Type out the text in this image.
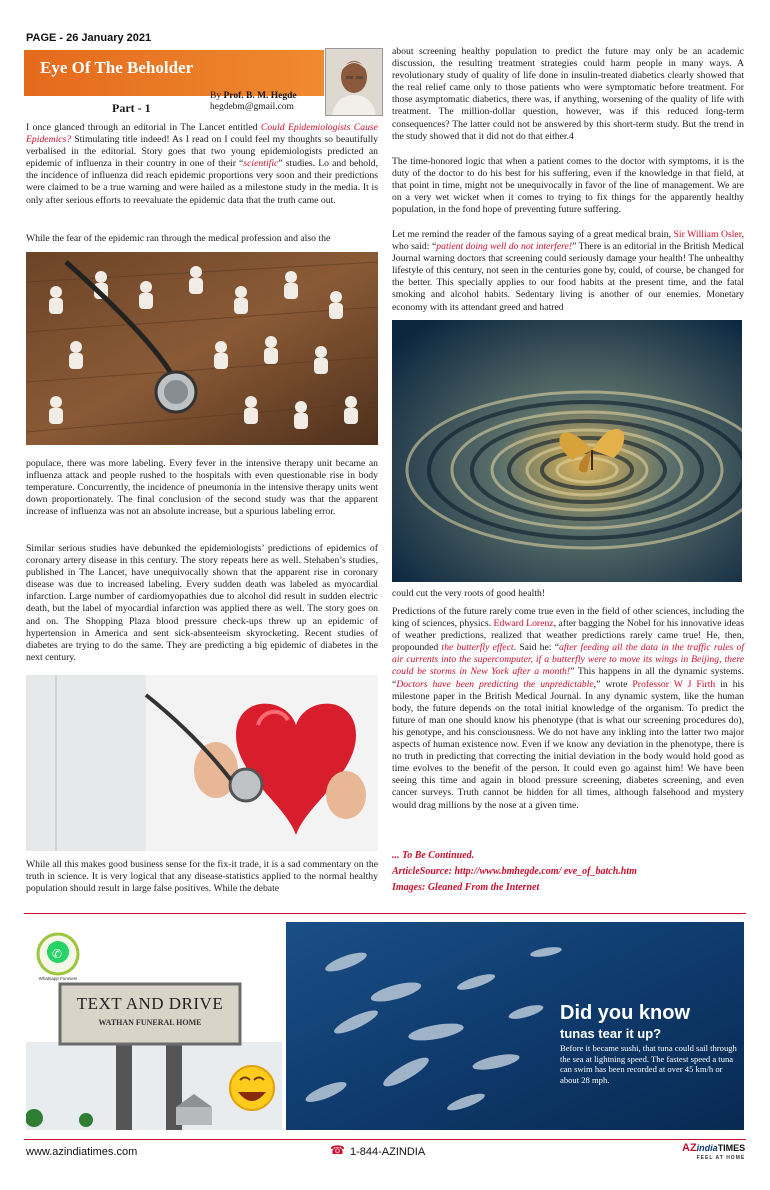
PAGE - 26 January 2021
Eye Of The Beholder
Part - 1
By Prof. B. M. Hegde
hegdebm@gmail.com
I once glanced through an editorial in The Lancet entitled Could Epidemiologists Cause Epidemics? Stimulating title indeed! As I read on I could feel my thoughts so beautifully verbalised in the editorial. Story goes that two young epidemiologists predicted an epidemic of influenza in their country in one of their “scientific” studies. Lo and behold, the incidence of influenza did reach epidemic proportions very soon and their predictions were claimed to be a true warning and were hailed as a milestone study in the media. It is only after serious efforts to reevaluate the epidemic data that the truth came out.
While the fear of the epidemic ran through the medical profession and also the
populace, there was more labeling. Every fever in the intensive therapy unit became an influenza attack and people rushed to the hospitals with even questionable rise in body temperature. Concurrently, the incidence of pneumonia in the intensive therapy units went down proportionately. The final conclusion of the second study was that the apparent increase of influenza was not an absolute increase, but a spurious labeling error.
Similar serious studies have debunked the epidemiologists’ predictions of epidemics of coronary artery disease in this century. The story repeats here as well. Stehaben’s studies, published in The Lancet, have unequivocally shown that the apparent rise in coronary disease was due to increased labeling. Every sudden death was labeled as myocardial infarction. Large number of cardiomyopathies due to alcohol did result in sudden electric death, but the label of myocardial infarction was applied there as well. The story goes on and on. The Shopping Plaza blood pressure check-ups threw up an epidemic of hypertension in America and sent sick-absenteeism skyrocketing. Recent studies of diabetes are trying to do the same. They are predicting a big epidemic of diabetes in the next century.
While all this makes good business sense for the fix-it trade, it is a sad commentary on the truth in science. It is very logical that any disease-statistics applied to the normal healthy population should result in large false positives. While the debate
about screening healthy population to predict the future may only be an academic discussion, the resulting treatment strategies could harm people in many ways. A revolutionary study of quality of life done in insulin-treated diabetics clearly showed that the real relief came only to those patients who were symptomatic before treatment. For those asymptomatic diabetics, there was, if anything, worsening of the quality of life with treatment. The million-dollar question, however, was if this reduced long-term consequences? The latter could not be answered by this short-term study. But the trend in the study showed that it did not do that either.4
The time-honored logic that when a patient comes to the doctor with symptoms, it is the duty of the doctor to do his best for his suffering, even if the knowledge in that field, at that point in time, might not be unequivocally in favor of the line of management. We are on a very wet wicket when it comes to trying to fix things for the apparently healthy population, in the fond hope of preventing future suffering.
Let me remind the reader of the famous saying of a great medical brain, Sir William Osler, who said: “patient doing well do not interfere!” There is an editorial in the British Medical Journal warning doctors that screening could seriously damage your health! The unhealthy lifestyle of this century, not seen in the centuries gone by, could, of course, be changed for the better. This specially applies to our food habits at the present time, and the fatal smoking and alcohol habits. Sedentary living is another of our enemies. Monetary economy with its attendant greed and hatred
could cut the very roots of good health!
Predictions of the future rarely come true even in the field of other sciences, including the king of sciences, physics. Edward Lorenz, after bagging the Nobel for his innovative ideas of weather predictions, realized that weather predictions rarely came true! He, then, propounded the butterfly effect. Said he: “after feeding all the data in the traffic rules of air currents into the supercomputer, if a butterfly were to move its wings in Beijing, there could be storms in New York after a month!” This happens in all the dynamic systems. “Doctors have been predicting the unpredictable,” wrote Professor W J Firth in his milestone paper in the British Medical Journal. In any dynamic system, like the human body, the future depends on the total initial knowledge of the organism. To predict the future of man one should know his phenotype (that is what our screening procedures do), his genotype, and his consciousness. We do not have any inkling into the latter two major aspects of human existence now. Even if we know any deviation in the phenotype, there is no truth in predicting that correcting the initial deviation in the body would hold good as time evolves to the benefit of the person. It could even go against him! We have been seeing this time and again in blood pressure screening, diabetes screening, and even cancer surveys. Truth cannot be hidden for all times, although falsehood and mystery would drag millions by the nose at a given time.
... To Be Continued.
ArticleSource: http://www.bmhegde.com/ eve_of_batch.htm
Images: Gleaned From the Internet
TEXT AND DRIVE
WATHAN FUNERAL HOME
Whatsapp Funnies!
✆
Did you know
tunas tear it up?
Before it became sushi, that tuna could sail through the sea at lightning speed. The fastest speed a tuna can swim has been recorded at over 45 km/h or about 28 mph.
www.azindiatimes.com	☎ 1-844-AZINDIA	AZindiaTIMES
FEEL AT HOME
